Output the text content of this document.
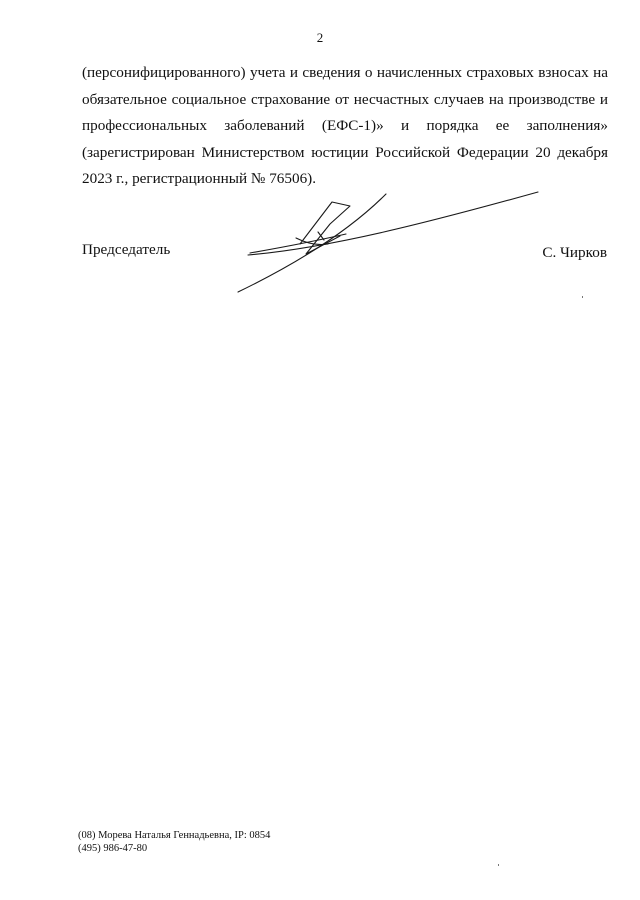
2
(персонифицированного) учета и сведения о начисленных страховых взносах на
обязательное социальное страхование от несчастных случаев на производстве и
профессиональных заболеваний (ЕФС-1)» и порядка ее заполнения»
(зарегистрирован Министерством юстиции Российской Федерации 20 декабря
2023 г., регистрационный № 76506).
Председатель	С. Чирков
(08) Морева Наталья Геннадьевна, IP: 0854
(495) 986-47-80
